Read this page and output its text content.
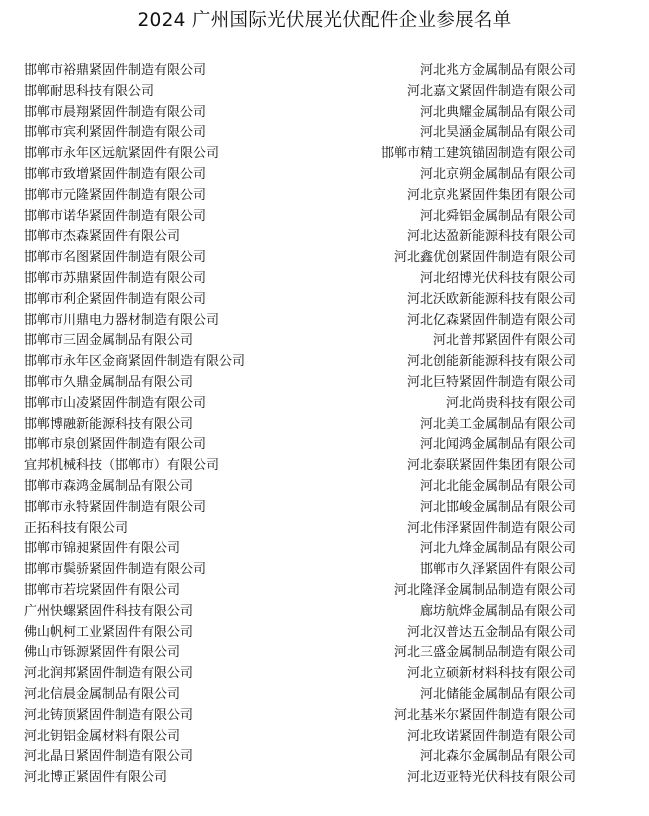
2024 广州国际光伏展光伏配件企业参展名单
邯郸市裕鼎紧固件制造有限公司
邯郸耐思科技有限公司
邯郸市晨翔紧固件制造有限公司
邯郸市宾利紧固件制造有限公司
邯郸市永年区远航紧固件有限公司
邯郸市致增紧固件制造有限公司
邯郸市元隆紧固件制造有限公司
邯郸市诺华紧固件制造有限公司
邯郸市杰森紧固件有限公司
邯郸市名图紧固件制造有限公司
邯郸市苏鼎紧固件制造有限公司
邯郸市利企紧固件制造有限公司
邯郸市川鼎电力器材制造有限公司
邯郸市三固金属制品有限公司
邯郸市永年区金商紧固件制造有限公司
邯郸市久鼎金属制品有限公司
邯郸市山凌紧固件制造有限公司
邯郸博融新能源科技有限公司
邯郸市泉创紧固件制造有限公司
宜邦机械科技（邯郸市）有限公司
邯郸市森鸿金属制品有限公司
邯郸市永特紧固件制造有限公司
正拓科技有限公司
邯郸市锦昶紧固件有限公司
邯郸市鬓骄紧固件制造有限公司
邯郸市若垸紧固件有限公司
广州快螺紧固件科技有限公司
佛山帆柯工业紧固件有限公司
佛山市铄源紧固件有限公司
河北润邦紧固件制造有限公司
河北信晨金属制品有限公司
河北铸顶紧固件制造有限公司
河北钥铝金属材料有限公司
河北晶日紧固件制造有限公司
河北博正紧固件有限公司
河北兆方金属制品有限公司
河北嘉文紧固件制造有限公司
河北典耀金属制品有限公司
河北昊涵金属制品有限公司
邯郸市精工建筑锚固制造有限公司
河北京朔金属制品有限公司
河北京兆紧固件集团有限公司
河北舜铝金属制品有限公司
河北达盈新能源科技有限公司
河北鑫优创紧固件制造有限公司
河北绍博光伏科技有限公司
河北沃欧新能源科技有限公司
河北亿森紧固件制造有限公司
河北普邦紧固件有限公司
河北创能新能源科技有限公司
河北巨特紧固件制造有限公司
河北尚贵科技有限公司
河北美工金属制品有限公司
河北闻鸿金属制品有限公司
河北泰联紧固件集团有限公司
河北北能金属制品有限公司
河北邯峻金属制品有限公司
河北伟泽紧固件制造有限公司
河北九烽金属制品有限公司
邯郸市久泽紧固件有限公司
河北隆泽金属制品制造有限公司
廊坊航烨金属制品有限公司
河北汉普达五金制品有限公司
河北三盛金属制品制造有限公司
河北立硕新材料科技有限公司
河北储能金属制品有限公司
河北基米尔紧固件制造有限公司
河北玫诺紧固件制造有限公司
河北森尔金属制品有限公司
河北迈亚特光伏科技有限公司
